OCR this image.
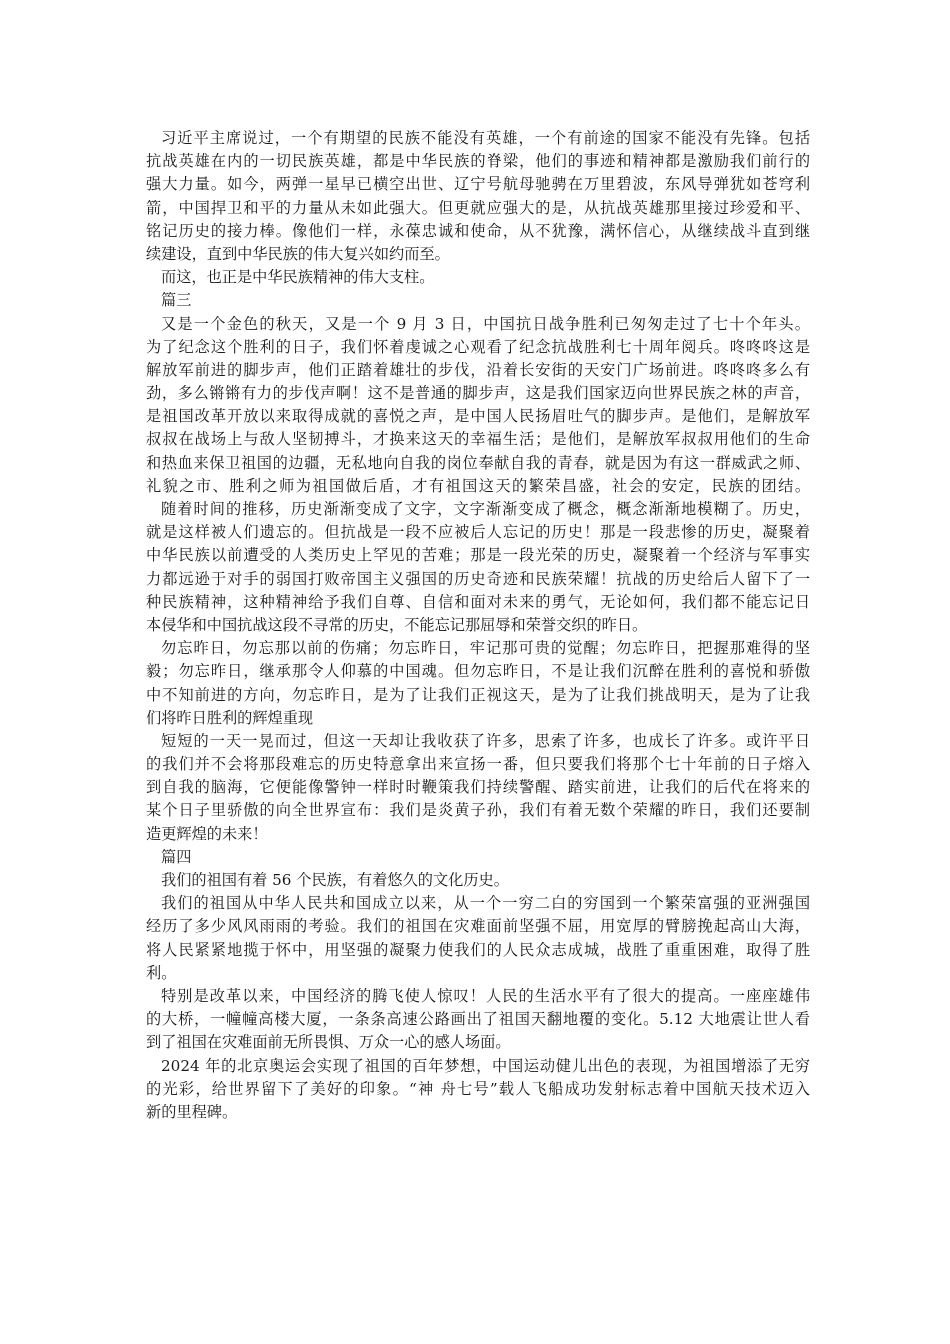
习近平主席说过，一个有期望的民族不能没有英雄，一个有前途的国家不能没有先锋。包括
抗战英雄在内的一切民族英雄，都是中华民族的脊梁，他们的事迹和精神都是激励我们前行的
强大力量。如今，两弹一星早已横空出世、辽宁号航母驰骋在万里碧波，东风导弹犹如苍穹利
箭，中国捍卫和平的力量从未如此强大。但更就应强大的是，从抗战英雄那里接过珍爱和平、
铭记历史的接力棒。像他们一样，永葆忠诚和使命，从不犹豫，满怀信心，从继续战斗直到继
续建设，直到中华民族的伟大复兴如约而至。
而这，也正是中华民族精神的伟大支柱。
篇三
又是一个金色的秋天，又是一个 9 月 3 日，中国抗日战争胜利已匆匆走过了七十个年头。
为了纪念这个胜利的日子，我们怀着虔诚之心观看了纪念抗战胜利七十周年阅兵。咚咚咚这是
解放军前进的脚步声，他们正踏着雄壮的步伐，沿着长安街的天安门广场前进。咚咚咚多么有
劲，多么锵锵有力的步伐声啊！这不是普通的脚步声，这是我们国家迈向世界民族之林的声音，
是祖国改革开放以来取得成就的喜悦之声，是中国人民扬眉吐气的脚步声。是他们，是解放军
叔叔在战场上与敌人坚韧搏斗，才换来这天的幸福生活；是他们，是解放军叔叔用他们的生命
和热血来保卫祖国的边疆，无私地向自我的岗位奉献自我的青春，就是因为有这一群威武之师、
礼貌之市、胜利之师为祖国做后盾，才有祖国这天的繁荣昌盛，社会的安定，民族的团结。
随着时间的推移，历史渐渐变成了文字，文字渐渐变成了概念，概念渐渐地模糊了。历史，
就是这样被人们遗忘的。但抗战是一段不应被后人忘记的历史！那是一段悲惨的历史，凝聚着
中华民族以前遭受的人类历史上罕见的苦难；那是一段光荣的历史，凝聚着一个经济与军事实
力都远逊于对手的弱国打败帝国主义强国的历史奇迹和民族荣耀！抗战的历史给后人留下了一
种民族精神，这种精神给予我们自尊、自信和面对未来的勇气，无论如何，我们都不能忘记日
本侵华和中国抗战这段不寻常的历史，不能忘记那屈辱和荣誉交织的昨日。
勿忘昨日，勿忘那以前的伤痛；勿忘昨日，牢记那可贵的觉醒；勿忘昨日，把握那难得的坚
毅；勿忘昨日，继承那令人仰慕的中国魂。但勿忘昨日，不是让我们沉醉在胜利的喜悦和骄傲
中不知前进的方向，勿忘昨日，是为了让我们正视这天，是为了让我们挑战明天，是为了让我
们将昨日胜利的辉煌重现
短短的一天一晃而过，但这一天却让我收获了许多，思索了许多，也成长了许多。或许平日
的我们并不会将那段难忘的历史特意拿出来宣扬一番，但只要我们将那个七十年前的日子熔入
到自我的脑海，它便能像警钟一样时时鞭策我们持续警醒、踏实前进，让我们的后代在将来的
某个日子里骄傲的向全世界宣布：我们是炎黄子孙，我们有着无数个荣耀的昨日，我们还要制
造更辉煌的未来！
篇四
我们的祖国有着 56 个民族，有着悠久的文化历史。
我们的祖国从中华人民共和国成立以来，从一个一穷二白的穷国到一个繁荣富强的亚洲强国
经历了多少风风雨雨的考验。我们的祖国在灾难面前坚强不屈，用宽厚的臂膀挽起高山大海，
将人民紧紧地揽于怀中，用坚强的凝聚力使我们的人民众志成城，战胜了重重困难，取得了胜
利。
特别是改革以来，中国经济的腾飞使人惊叹！人民的生活水平有了很大的提高。一座座雄伟
的大桥，一幢幢高楼大厦，一条条高速公路画出了祖国天翻地覆的变化。5.12 大地震让世人看
到了祖国在灾难面前无所畏惧、万众一心的感人场面。
2024 年的北京奥运会实现了祖国的百年梦想，中国运动健儿出色的表现，为祖国增添了无穷
的光彩，给世界留下了美好的印象。“神 舟七号”载人飞船成功发射标志着中国航天技术迈入
新的里程碑。
